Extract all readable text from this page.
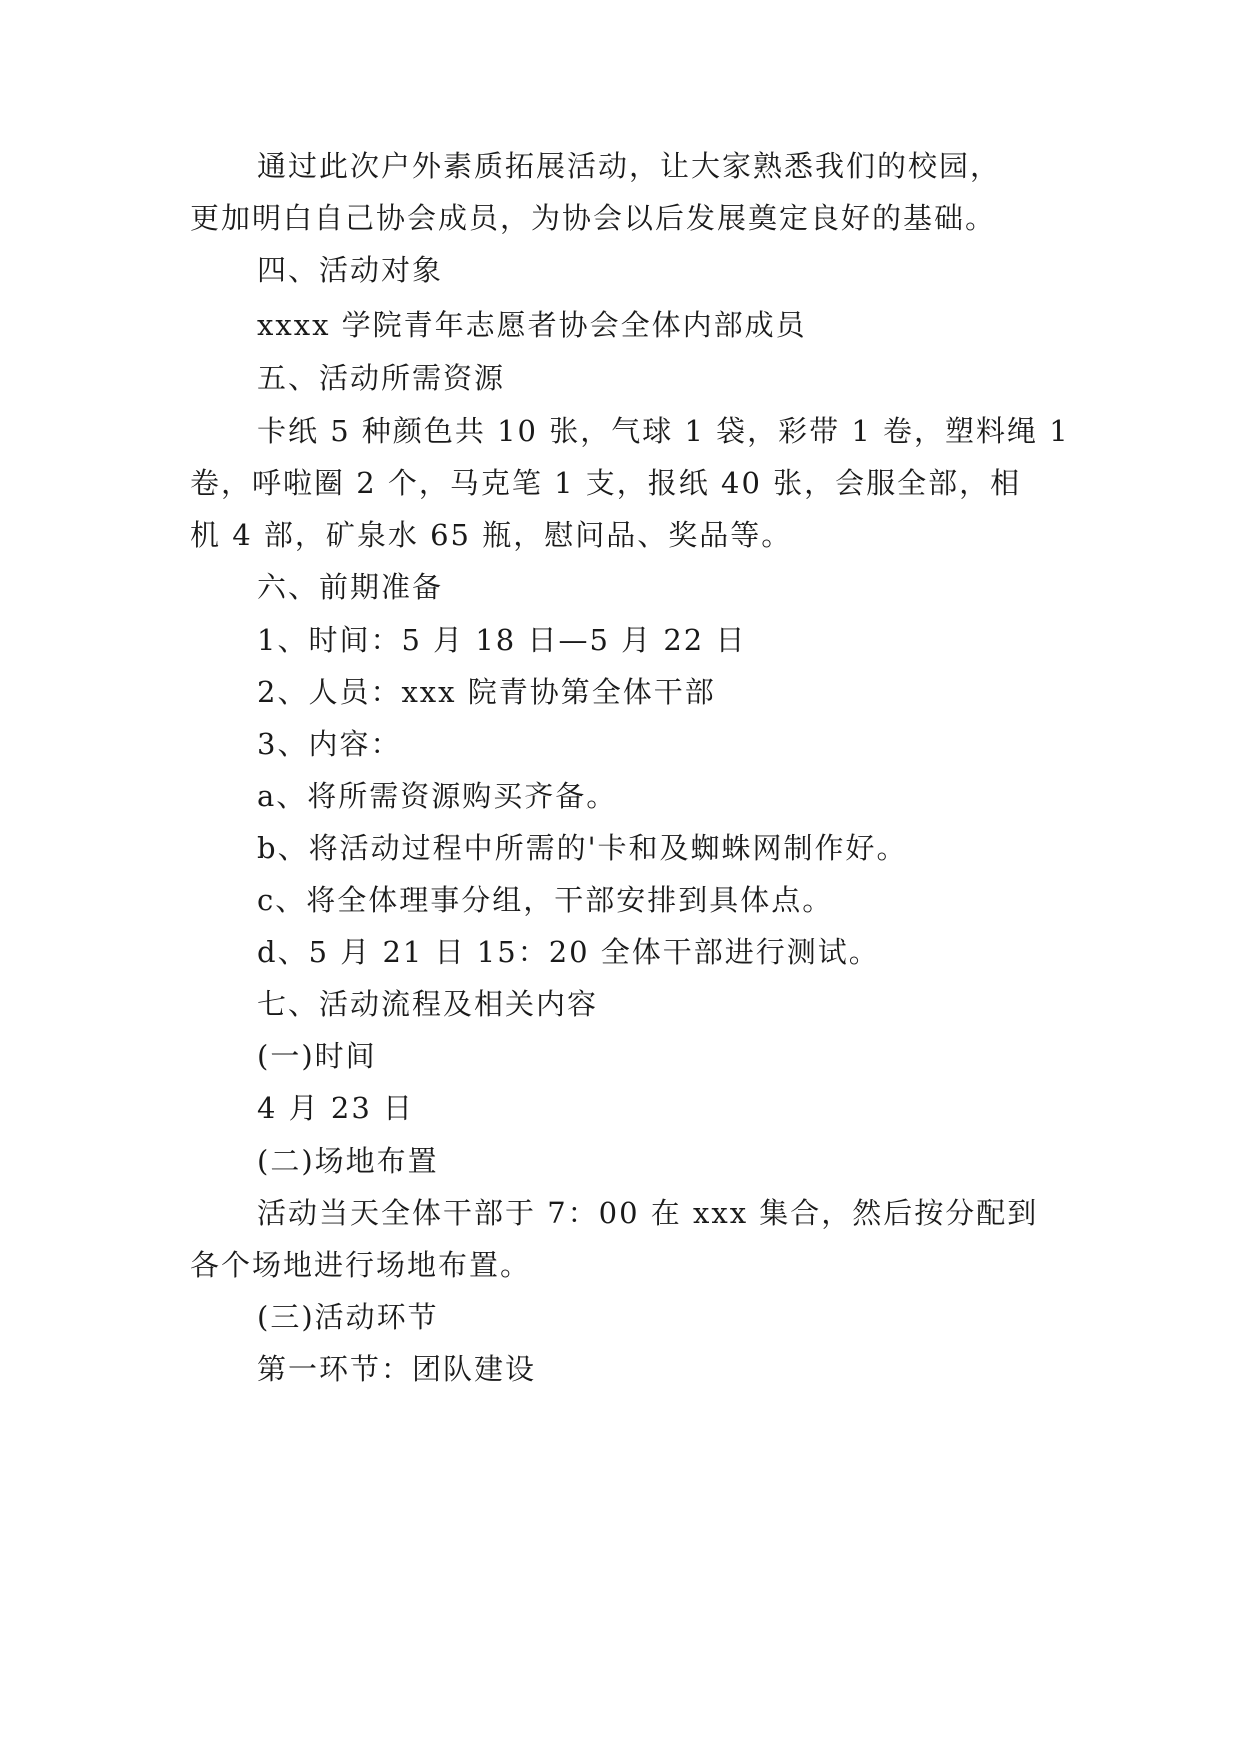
通过此次户外素质拓展活动，让大家熟悉我们的校园，
更加明白自己协会成员，为协会以后发展奠定良好的基础。
四、活动对象
xxxx 学院青年志愿者协会全体内部成员
五、活动所需资源
卡纸 5 种颜色共 10 张，气球 1 袋，彩带 1 卷，塑料绳 1
卷，呼啦圈 2 个，马克笔 1 支，报纸 40 张，会服全部，相
机 4 部，矿泉水 65 瓶，慰问品、奖品等。
六、前期准备
1、时间：5 月 18 日—5 月 22 日
2、人员：xxx 院青协第全体干部
3、内容：
a、将所需资源购买齐备。
b、将活动过程中所需的'卡和及蜘蛛网制作好。
c、将全体理事分组，干部安排到具体点。
d、5 月 21 日 15：20 全体干部进行测试。
七、活动流程及相关内容
(一)时间
4 月 23 日
(二)场地布置
活动当天全体干部于 7：00 在 xxx 集合，然后按分配到
各个场地进行场地布置。
(三)活动环节
第一环节：团队建设
